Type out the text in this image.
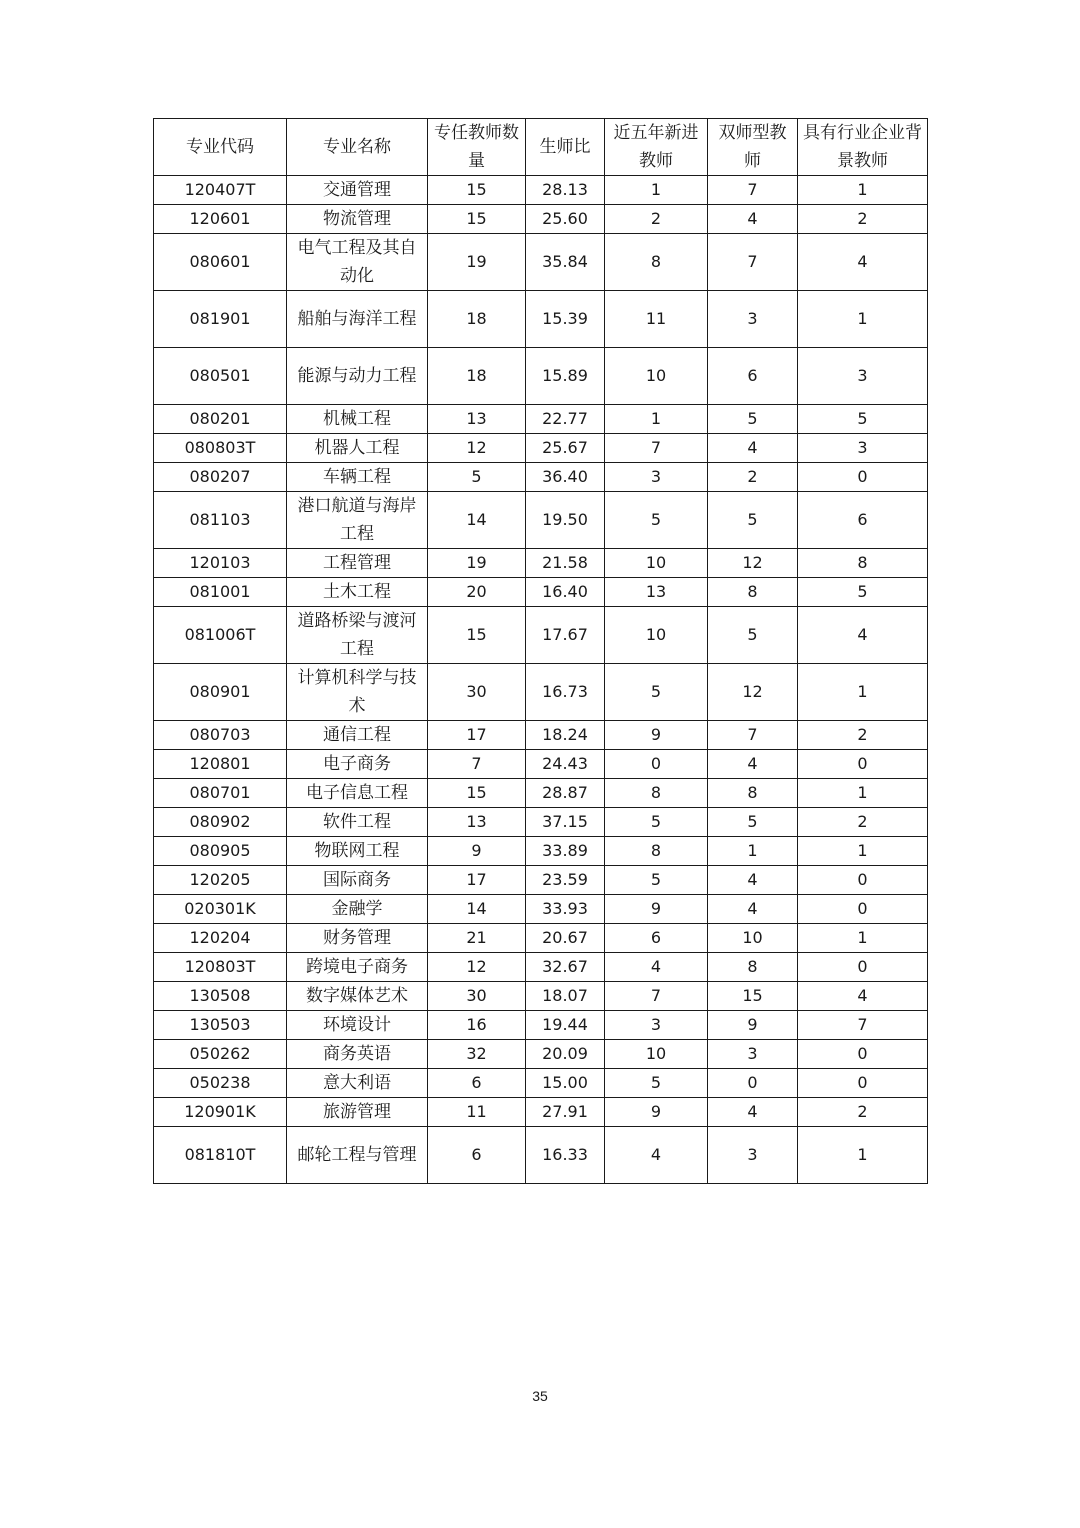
专业代码	专业名称	专任教师数量	生师比	近五年新进教师	双师型教师	具有行业企业背景教师
120407T	交通管理	15	28.13	1	7	1
120601	物流管理	15	25.60	2	4	2
080601	电气工程及其自动化	19	35.84	8	7	4
081901	船舶与海洋工程	18	15.39	11	3	1
080501	能源与动力工程	18	15.89	10	6	3
080201	机械工程	13	22.77	1	5	5
080803T	机器人工程	12	25.67	7	4	3
080207	车辆工程	5	36.40	3	2	0
081103	港口航道与海岸工程	14	19.50	5	5	6
120103	工程管理	19	21.58	10	12	8
081001	土木工程	20	16.40	13	8	5
081006T	道路桥梁与渡河工程	15	17.67	10	5	4
080901	计算机科学与技术	30	16.73	5	12	1
080703	通信工程	17	18.24	9	7	2
120801	电子商务	7	24.43	0	4	0
080701	电子信息工程	15	28.87	8	8	1
080902	软件工程	13	37.15	5	5	2
080905	物联网工程	9	33.89	8	1	1
120205	国际商务	17	23.59	5	4	0
020301K	金融学	14	33.93	9	4	0
120204	财务管理	21	20.67	6	10	1
120803T	跨境电子商务	12	32.67	4	8	0
130508	数字媒体艺术	30	18.07	7	15	4
130503	环境设计	16	19.44	3	9	7
050262	商务英语	32	20.09	10	3	0
050238	意大利语	6	15.00	5	0	0
120901K	旅游管理	11	27.91	9	4	2
081810T	邮轮工程与管理	6	16.33	4	3	1
35
